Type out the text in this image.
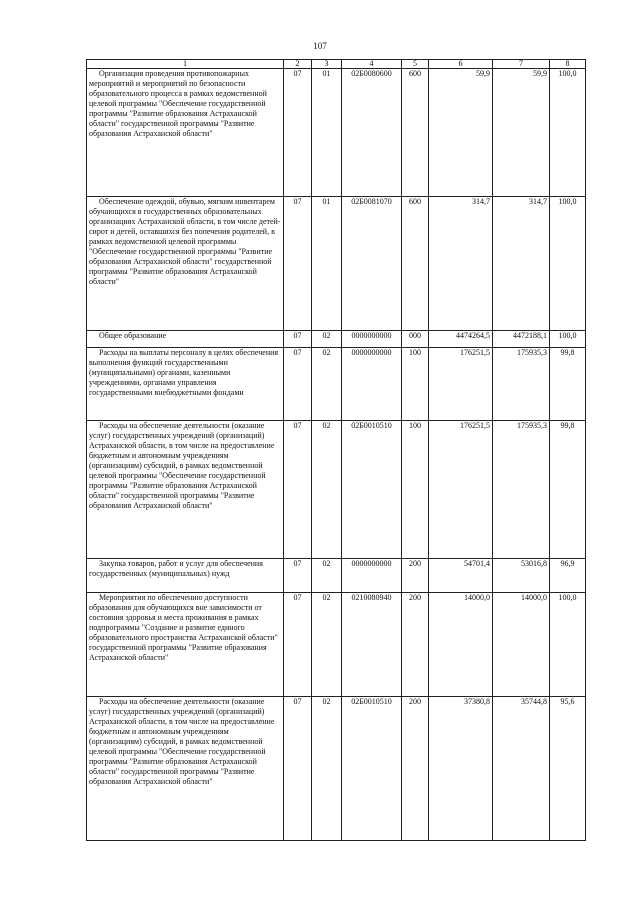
107
1	2	3	4	5	6	7	8

Организация проведения противопожарных мероприятий и мероприятий по безопасности образовательного процесса в рамках ведомственной целевой программы "Обеспечение государственной программы "Развитие образования Астраханской области" государственной программы "Развитие образования Астраханской области"	07	01	02Б0080600	600	59,9	59,9	100,0

Обеспечение одеждой, обувью, мягким инвентарем обучающихся в государственных образовательных организациях Астраханской области, в том числе детей-сирот и детей, оставшихся без попечения родителей, в рамках ведомственной целевой программы "Обеспечение государственной программы "Развитие образования Астраханской области" государственной программы "Развитие образования Астраханской области"	07	01	02Б0081070	600	314,7	314,7	100,0

Общее образование	07	02	0000000000	000	4474264,5	4472188,1	100,0

Расходы на выплаты персоналу в целях обеспечения выполнения функций государственными (муниципальными) органами, казенными учреждениями, органами управления государственными внебюджетными фондами	07	02	0000000000	100	176251,5	175935,3	99,8

Расходы на обеспечение деятельности (оказание услуг) государственных учреждений (организаций) Астраханской области, в том числе на предоставление бюджетным и автономным учреждениям (организациям) субсидий, в рамках ведомственной целевой программы "Обеспечение государственной программы "Развитие образования Астраханской области" государственной программы "Развитие образования Астраханской области"	07	02	02Б0010510	100	176251,5	175935,3	99,8

Закупка товаров, работ и услуг для обеспечения государственных (муниципальных) нужд	07	02	0000000000	200	54701,4	53016,8	96,9

Мероприятия по обеспечению доступности образования для обучающихся вне зависимости от состояния здоровья и места проживания в рамках подпрограммы "Создание и развитие единого образовательного пространства Астраханской области" государственной программы "Развитие образования Астраханской области"	07	02	0210080940	200	14000,0	14000,0	100,0

Расходы на обеспечение деятельности (оказание услуг) государственных учреждений (организаций) Астраханской области, в том числе на предоставление бюджетным и автономным учреждениям (организациям) субсидий, в рамках ведомственной целевой программы "Обеспечение государственной программы "Развитие образования Астраханской области" государственной программы "Развитие образования Астраханской области"	07	02	02Б0010510	200	37380,8	35744,8	95,6
